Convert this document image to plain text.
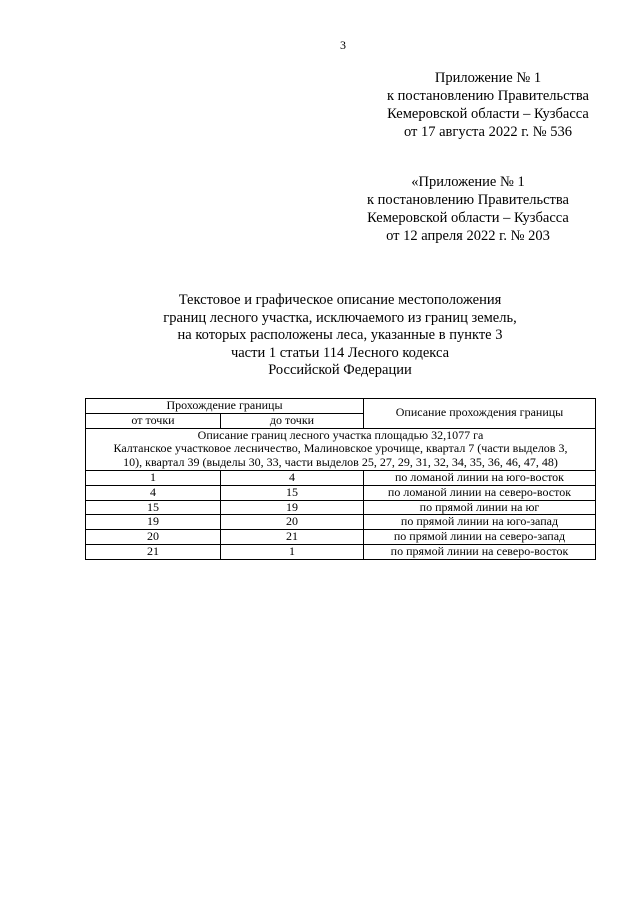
3
Приложение № 1
к постановлению Правительства
Кемеровской области – Кузбасса
от 17 августа 2022 г. № 536
«Приложение № 1
к постановлению Правительства
Кемеровской области – Кузбасса
от 12 апреля 2022 г. № 203
Текстовое и графическое описание местоположения
границ лесного участка, исключаемого из границ земель,
на которых расположены леса, указанные в пункте 3
части 1 статьи 114 Лесного кодекса
Российской Федерации
Прохождение границы		Описание прохождения границы
от точки	до точки	

Описание границ лесного участка площадью 32,1077 га
Калтанское участковое лесничество, Малиновское урочище, квартал 7 (части выделов 3,
10), квартал 39 (выделы 30, 33, части выделов 25, 27, 29, 31, 32, 34, 35, 36, 46, 47, 48)		

1	4	по ломаной линии на юго-восток
4	15	по ломаной линии на северо-восток
15	19	по прямой линии на юг
19	20	по прямой линии на юго-запад
20	21	по прямой линии на северо-запад
21	1	по прямой линии на северо-восток
